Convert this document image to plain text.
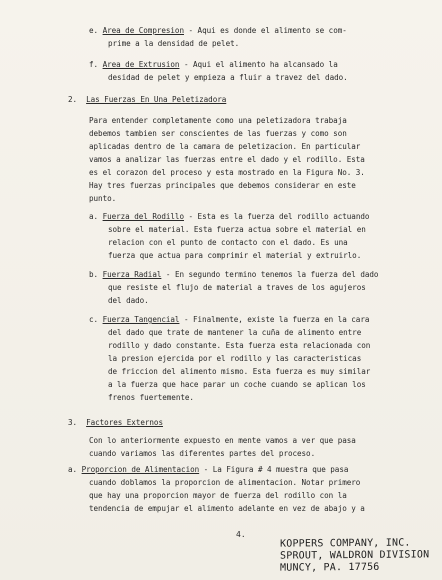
e. Area de Compresion - Aqui es donde el alimento se com-
prime a la densidad de pelet.
f. Area de Extrusion - Aqui el alimento ha alcansado la
desidad de pelet y empieza a fluir a travez del dado.
2. Las Fuerzas En Una Peletizadora
Para entender completamente como una peletizadora trabaja
debemos tambien ser conscientes de las fuerzas y como son
aplicadas dentro de la camara de peletizacion. En particular
vamos a analizar las fuerzas entre el dado y el rodillo. Esta
es el corazon del proceso y esta mostrado en la Figura No. 3.
Hay tres fuerzas principales que debemos considerar en este
punto.
a. Fuerza del Rodillo - Esta es la fuerza del rodillo actuando
sobre el material. Esta fuerza actua sobre el material en
relacion con el punto de contacto con el dado. Es una
fuerza que actua para comprimir el material y extruirlo.
b. Fuerza Radial - En segundo termino tenemos la fuerza del dado
que resiste el flujo de material a traves de los agujeros
del dado.
c. Fuerza Tangencial - Finalmente, existe la fuerza en la cara
del dado que trate de mantener la cuña de alimento entre
rodillo y dado constante. Esta fuerza esta relacionada con
la presion ejercida por el rodillo y las caracteristicas
de friccion del alimento mismo. Esta fuerza es muy similar
a la fuerza que hace parar un coche cuando se aplican los
frenos fuertemente.
3. Factores Externos
Con lo anteriormente expuesto en mente vamos a ver que pasa
cuando variamos las diferentes partes del proceso.
a. Proporcion de Alimentacion - La Figura # 4 muestra que pasa
cuando doblamos la proporcion de alimentacion. Notar primero
que hay una proporcion mayor de fuerza del rodillo con la
tendencia de empujar el alimento adelante en vez de abajo y a
4.
KOPPERS COMPANY, INC.
SPROUT, WALDRON DIVISION
MUNCY, PA. 17756
